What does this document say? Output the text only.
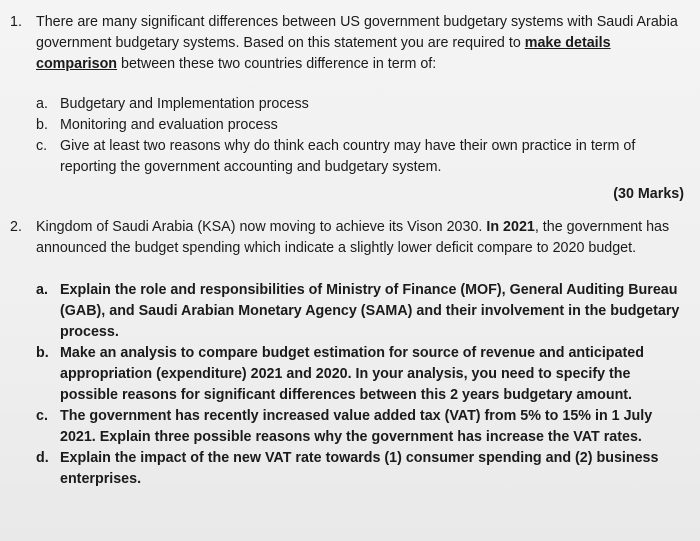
1. There are many significant differences between US government budgetary systems with Saudi Arabia government budgetary systems. Based on this statement you are required to make details comparison between these two countries difference in term of:
a. Budgetary and Implementation process
b. Monitoring and evaluation process
c. Give at least two reasons why do think each country may have their own practice in term of reporting the government accounting and budgetary system.
(30 Marks)
2. Kingdom of Saudi Arabia (KSA) now moving to achieve its Vison 2030. In 2021, the government has announced the budget spending which indicate a slightly lower deficit compare to 2020 budget.
a. Explain the role and responsibilities of Ministry of Finance (MOF), General Auditing Bureau (GAB), and Saudi Arabian Monetary Agency (SAMA) and their involvement in the budgetary process.
b. Make an analysis to compare budget estimation for source of revenue and anticipated appropriation (expenditure) 2021 and 2020. In your analysis, you need to specify the possible reasons for significant differences between this 2 years budgetary amount.
c. The government has recently increased value added tax (VAT) from 5% to 15% in 1 July 2021. Explain three possible reasons why the government has increase the VAT rates.
d. Explain the impact of the new VAT rate towards (1) consumer spending and (2) business enterprises.
